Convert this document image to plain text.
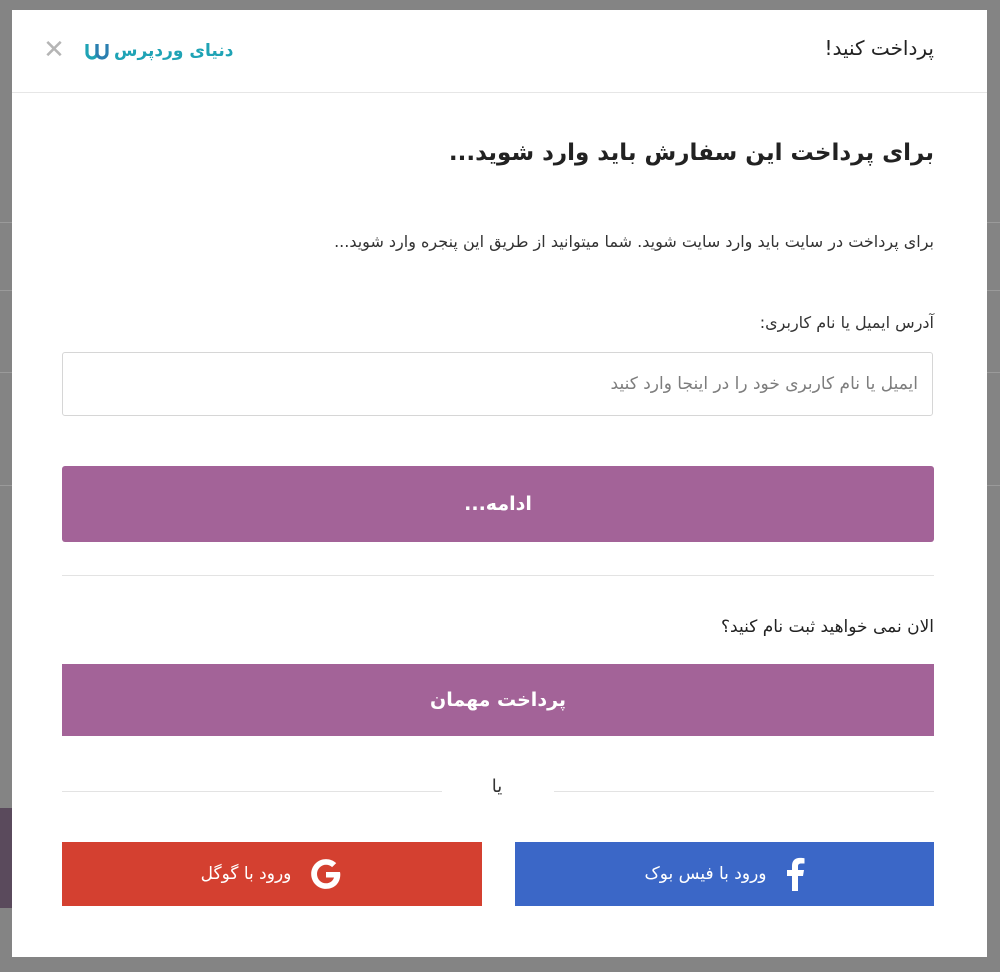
پرداخت کنید!
دنیای وردپرس
✕
برای پرداخت این سفارش باید وارد شوید...
برای پرداخت در سایت باید وارد سایت شوید. شما میتوانید از طریق این پنجره وارد شوید...
آدرس ایمیل یا نام کاربری:
ایمیل یا نام کاربری خود را در اینجا وارد کنید
ادامه...
الان نمی خواهید ثبت نام کنید؟
پرداخت مهمان
یا
ورود با فیس بوک
ورود با گوگل
